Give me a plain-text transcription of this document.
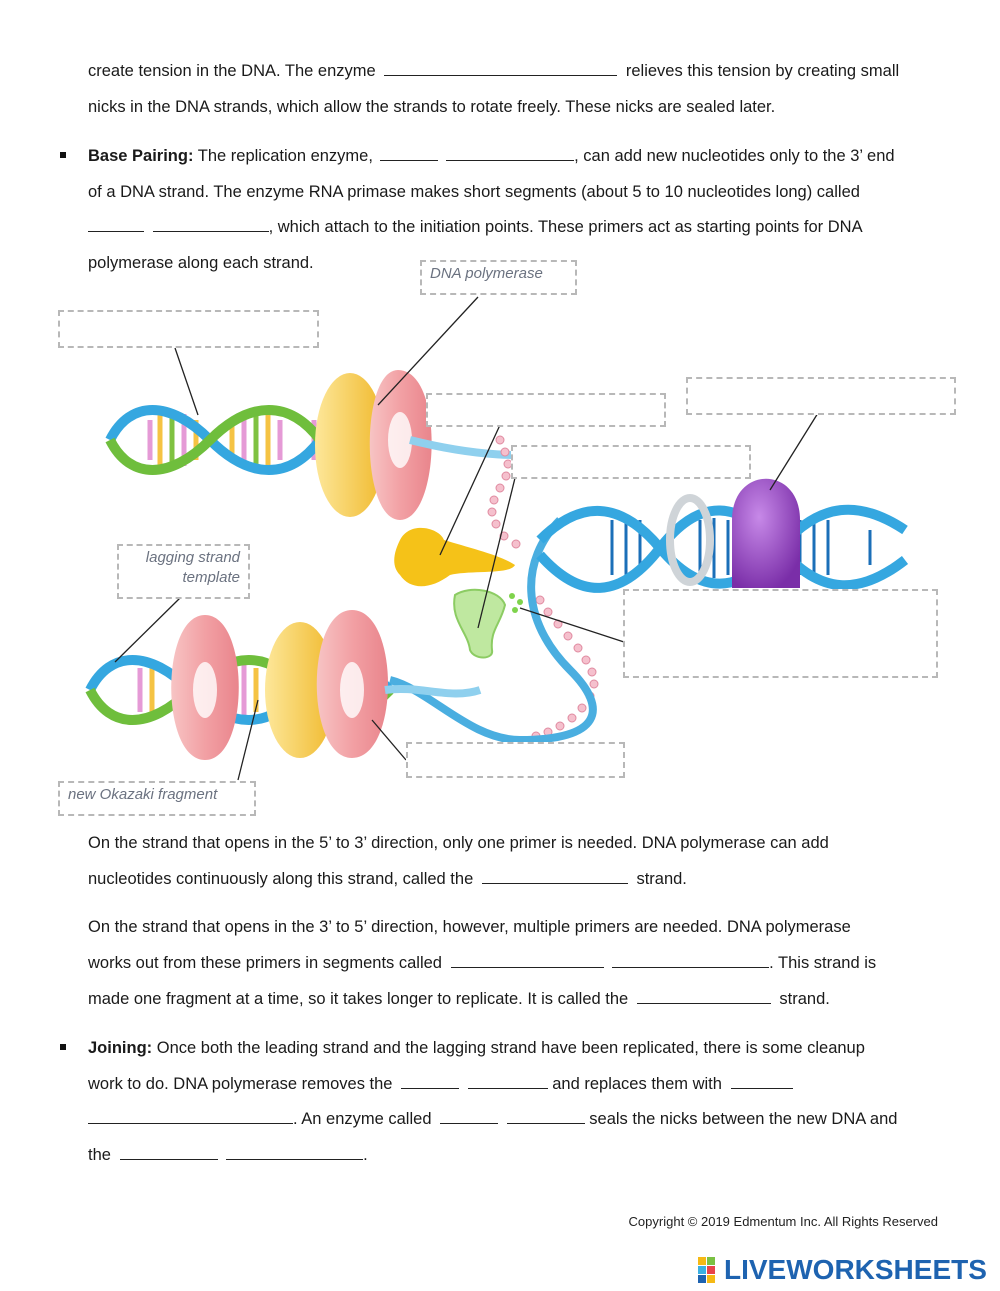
create tension in the DNA. The enzyme	relieves this tension by creating small
nicks in the DNA strands, which allow the strands to rotate freely. These nicks are sealed later.
Base Pairing: The replication enzyme,	, can add new nucleotides only to the 3’ end
of a DNA strand. The enzyme RNA primase makes short segments (about 5 to 10 nucleotides long) called
, which attach to the initiation points. These primers act as starting points for DNA
polymerase along each strand.
DNA polymerase
lagging strand
template
new Okazaki fragment
On the strand that opens in the 5’ to 3’ direction, only one primer is needed. DNA polymerase can add
nucleotides continuously along this strand, called the	strand.
On the strand that opens in the 3’ to 5’ direction, however, multiple primers are needed. DNA polymerase
works out from these primers in segments called	. This strand is
made one fragment at a time, so it takes longer to replicate. It is called the	strand.
Joining: Once both the leading strand and the lagging strand have been replicated, there is some cleanup
work to do. DNA polymerase removes the	and replaces them with
. An enzyme called	seals the nicks between the new DNA and
the	.
Copyright © 2019 Edmentum Inc. All Rights Reserved
LIVEWORKSHEETS
